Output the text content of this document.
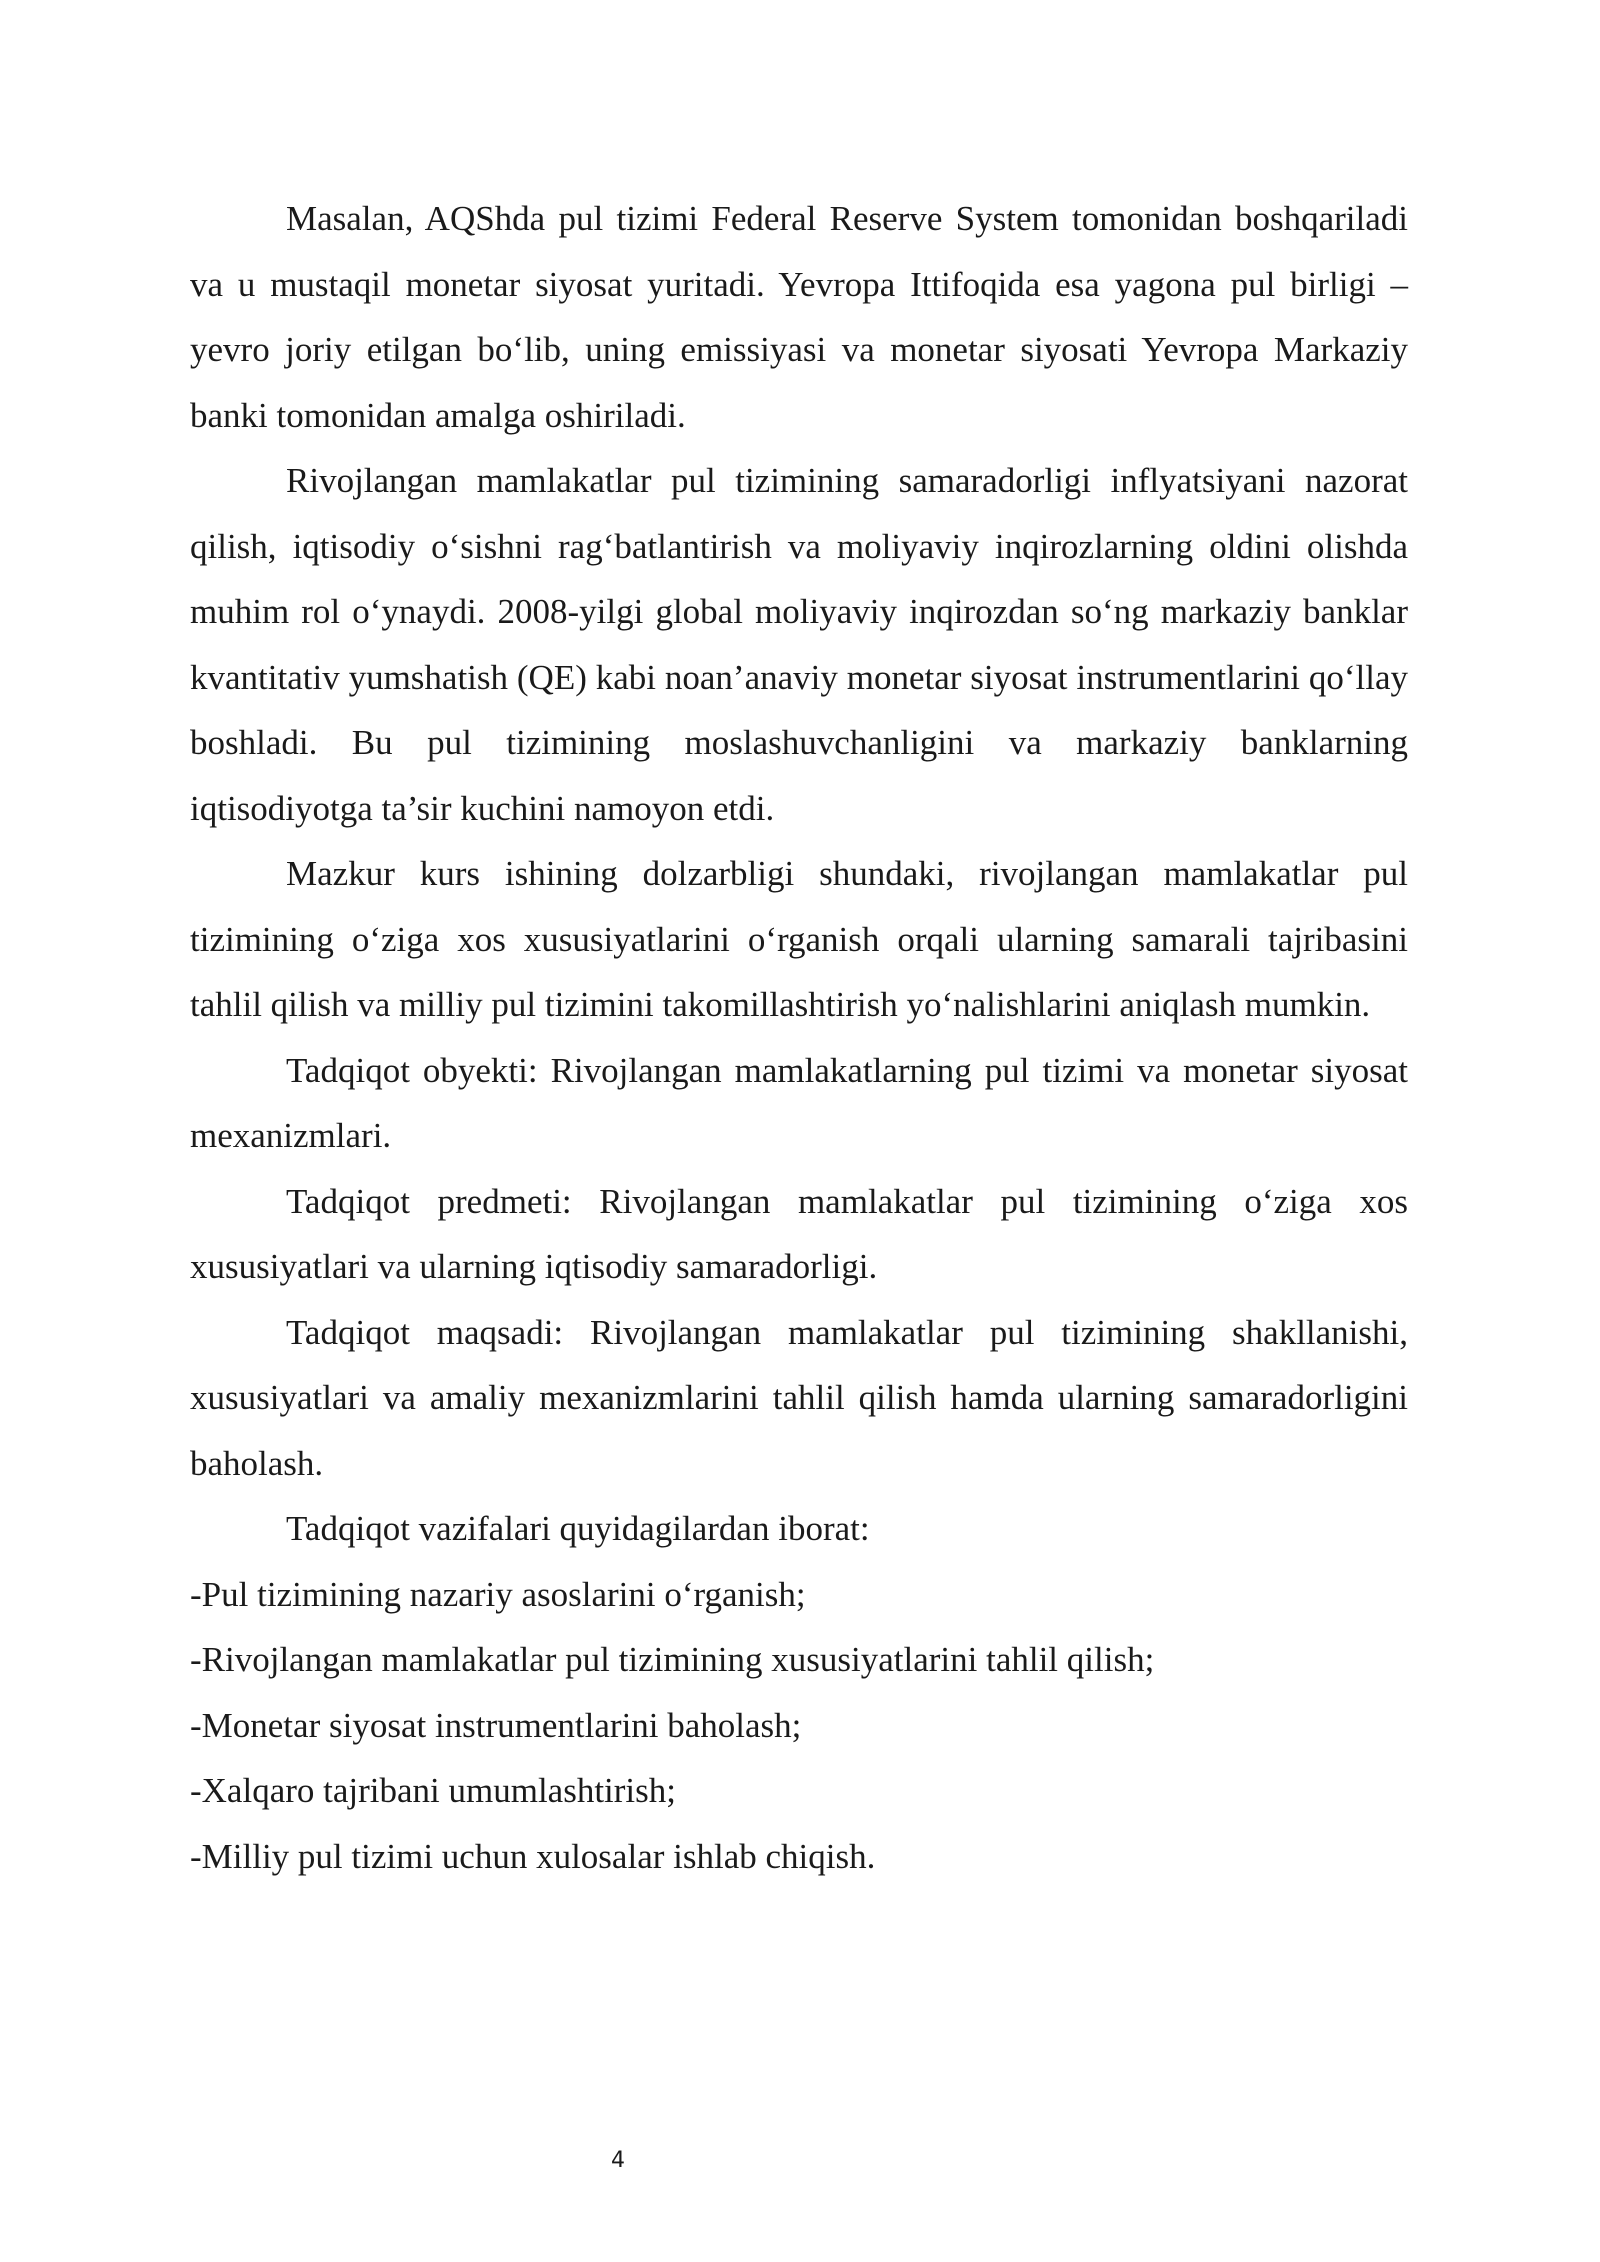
Masalan, AQShda pul tizimi Federal Reserve System tomonidan boshqariladi va u mustaqil monetar siyosat yuritadi. Yevropa Ittifoqida esa yagona pul birligi – yevro joriy etilgan bo‘lib, uning emissiyasi va monetar siyosati Yevropa Markaziy banki tomonidan amalga oshiriladi.

Rivojlangan mamlakatlar pul tizimining samaradorligi inflyatsiyani nazorat qilish, iqtisodiy o‘sishni rag‘batlantirish va moliyaviy inqirozlarning oldini olishda muhim rol o‘ynaydi. 2008-yilgi global moliyaviy inqirozdan so‘ng markaziy banklar kvantitativ yumshatish (QE) kabi noan’anaviy monetar siyosat instrumentlarini qo‘llay boshladi. Bu pul tizimining moslashuvchanligini va markaziy banklarning iqtisodiyotga ta’sir kuchini namoyon etdi.

Mazkur kurs ishining dolzarbligi shundaki, rivojlangan mamlakatlar pul tizimining o‘ziga xos xususiyatlarini o‘rganish orqali ularning samarali tajribasini tahlil qilish va milliy pul tizimini takomillashtirish yo‘nalishlarini aniqlash mumkin.

Tadqiqot obyekti: Rivojlangan mamlakatlarning pul tizimi va monetar siyosat mexanizmlari.

Tadqiqot predmeti: Rivojlangan mamlakatlar pul tizimining o‘ziga xos xususiyatlari va ularning iqtisodiy samaradorligi.

Tadqiqot maqsadi: Rivojlangan mamlakatlar pul tizimining shakllanishi, xususiyatlari va amaliy mexanizmlarini tahlil qilish hamda ularning samaradorligini baholash.

Tadqiqot vazifalari quyidagilardan iborat:

-Pul tizimining nazariy asoslarini o‘rganish;

-Rivojlangan mamlakatlar pul tizimining xususiyatlarini tahlil qilish;

-Monetar siyosat instrumentlarini baholash;

-Xalqaro tajribani umumlashtirish;

-Milliy pul tizimi uchun xulosalar ishlab chiqish.

4
